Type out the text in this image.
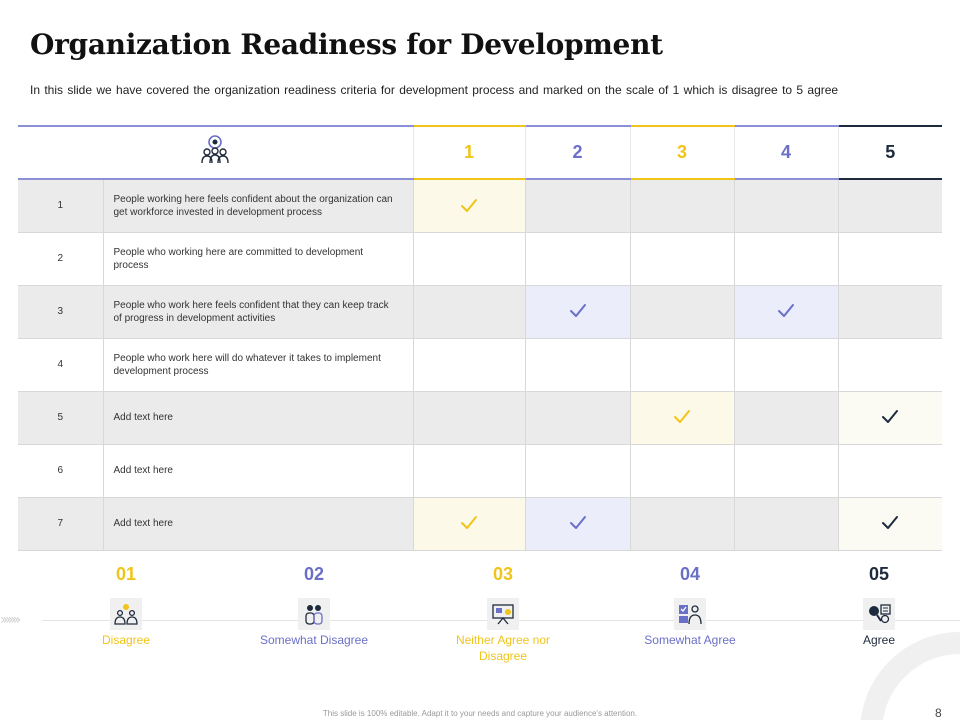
Organization Readiness for Development
In this slide we have covered the organization readiness criteria for development process and marked on the scale of 1 which is disagree to 5 agree
	1	2	3	4	5
1	People working here feels confident about the organization can get workforce invested in development process					
2	People who working here are committed to development process					
3	People who work here feels confident that they can keep track of progress in development activities					
4	People who work here will do whatever it takes to implement development process					
5	Add text here					
6	Add text here					
7	Add text here					
›››››››
01
Disagree
02
Somewhat Disagree
03
Neither Agree nor Disagree
04
Somewhat Agree
05
Agree
This slide is 100% editable. Adapt it to your needs and capture your audience's attention.	8
